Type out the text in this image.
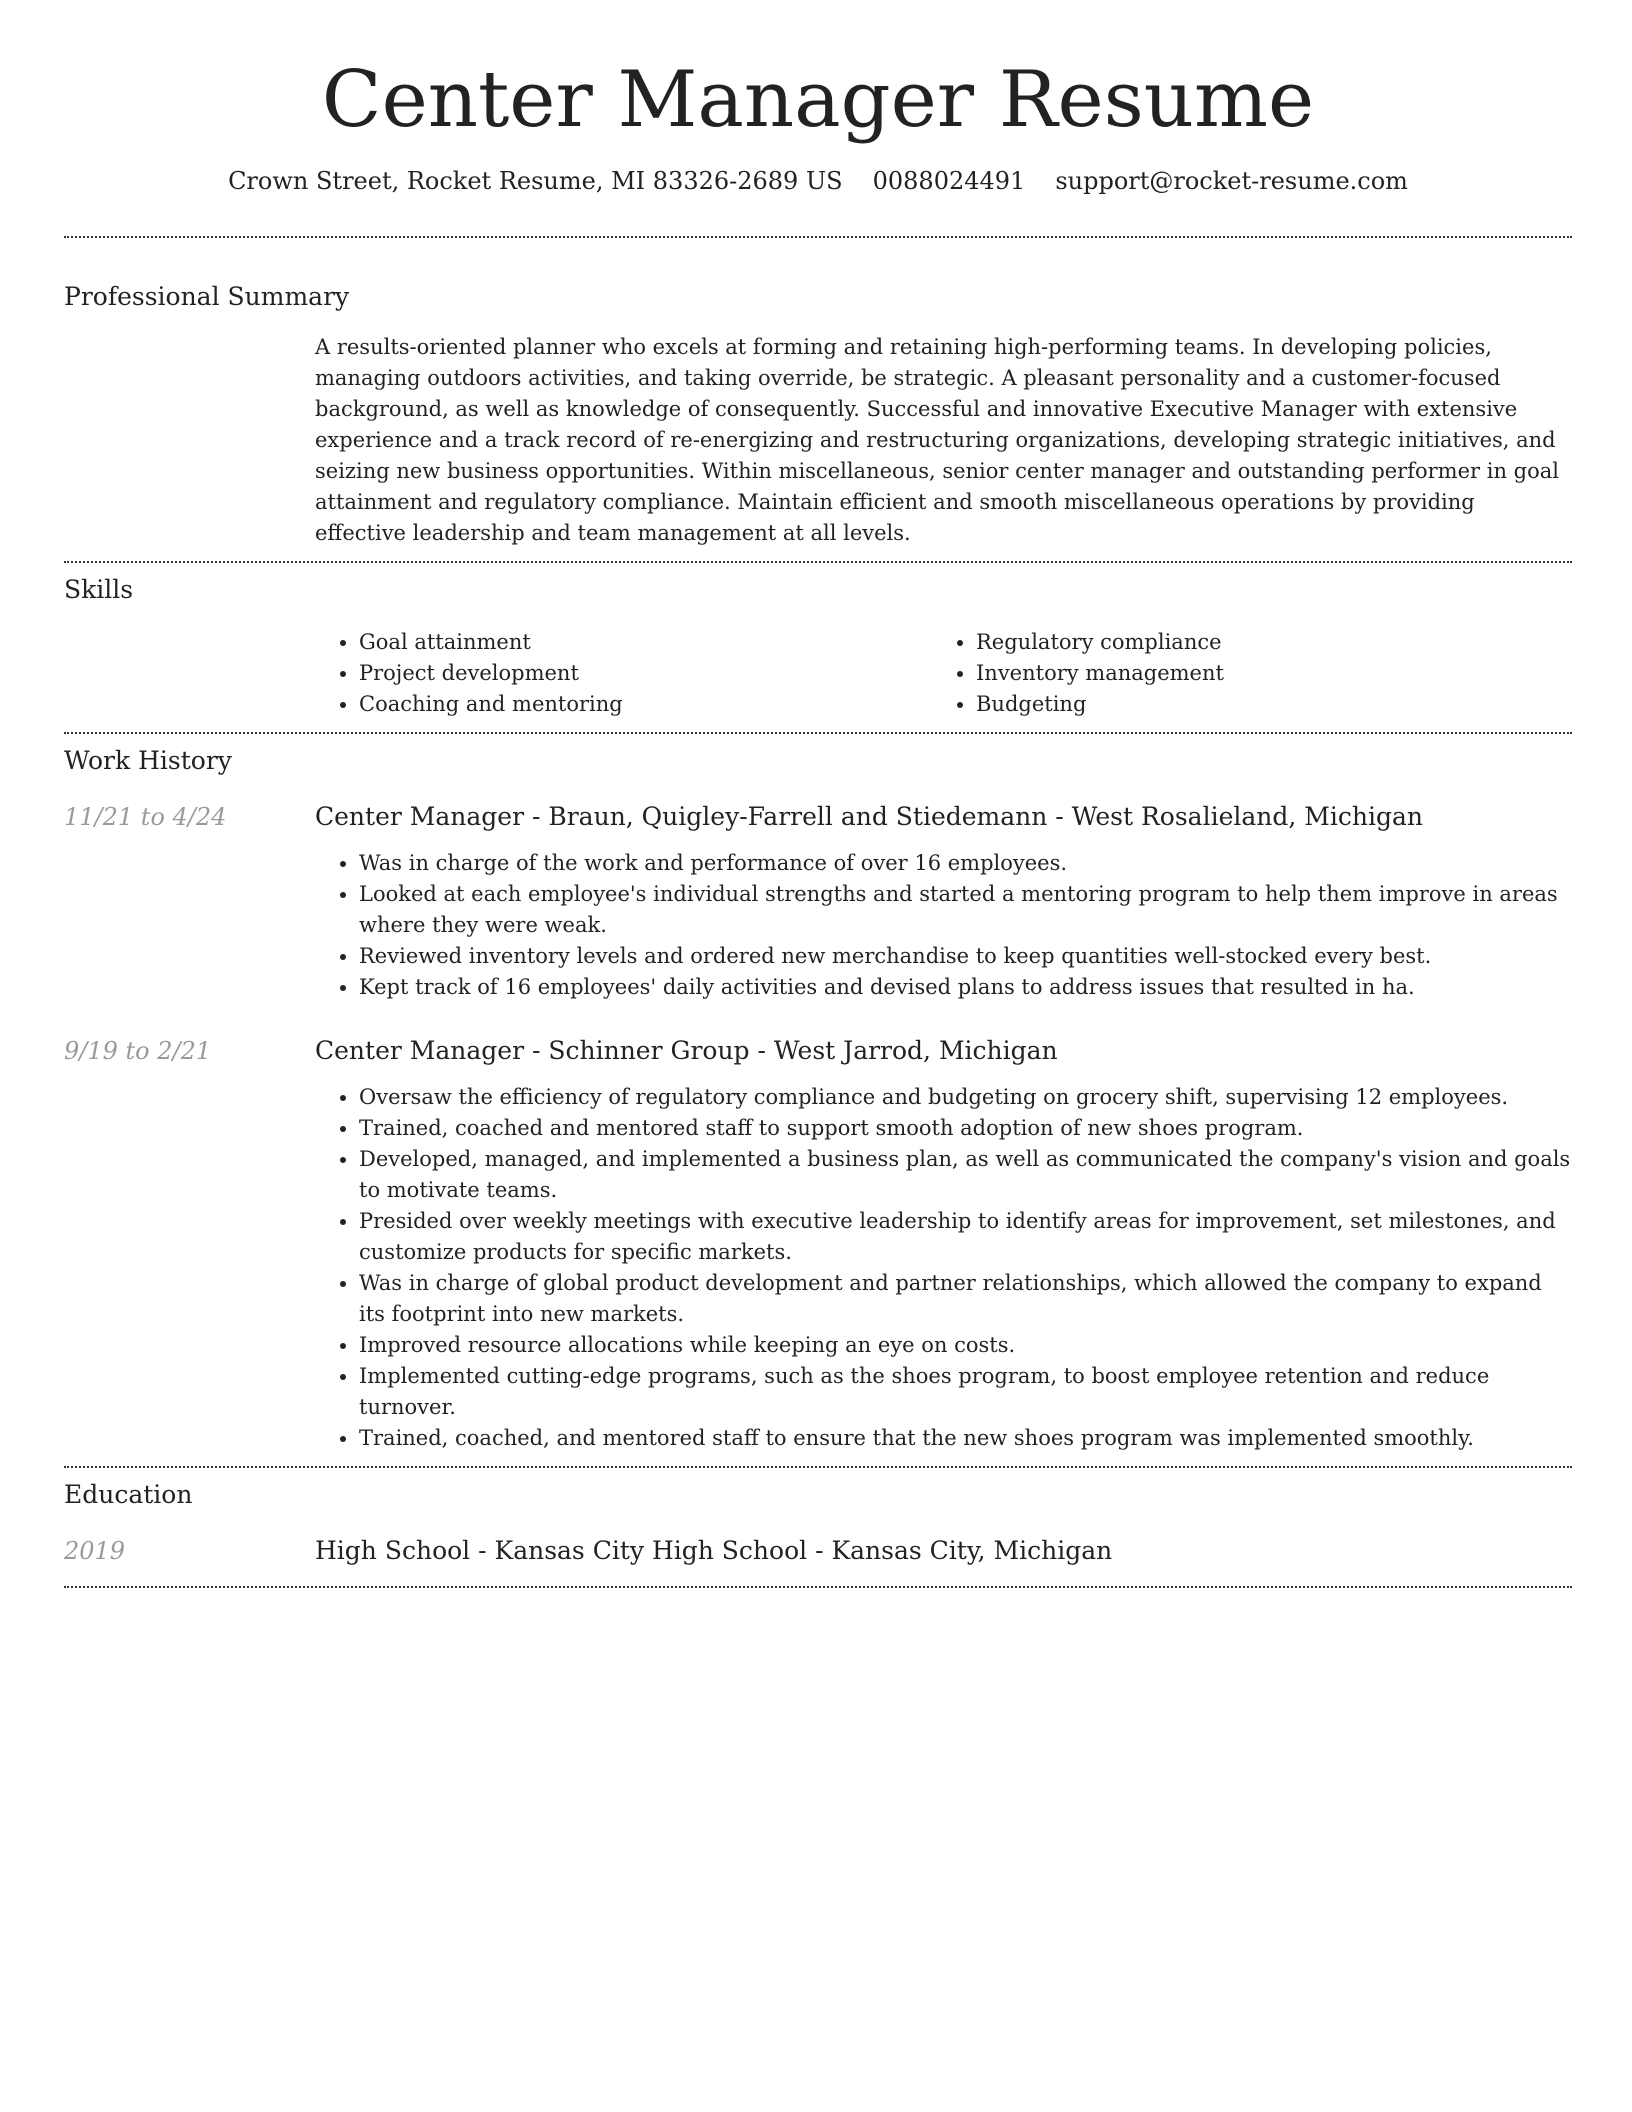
Center Manager Resume
Crown Street, Rocket Resume, MI 83326-2689 US 0088024491 support@rocket-resume.com
Professional Summary

A results-oriented planner who excels at forming and retaining high-performing teams. In developing policies, managing outdoors activities, and taking override, be strategic. A pleasant personality and a customer-focused background, as well as knowledge of consequently. Successful and innovative Executive Manager with extensive experience and a track record of re-energizing and restructuring organizations, developing strategic initiatives, and seizing new business opportunities. Within miscellaneous, senior center manager and outstanding performer in goal attainment and regulatory compliance. Maintain efficient and smooth miscellaneous operations by providing effective leadership and team management at all levels.

Skills
• Goal attainment
• Project development
• Coaching and mentoring
• Regulatory compliance
• Inventory management
• Budgeting
Work History
11/21 to 4/24	Center Manager - Braun, Quigley-Farrell and Stiedemann - West Rosalieland, Michigan
• Was in charge of the work and performance of over 16 employees.
• Looked at each employee's individual strengths and started a mentoring program to help them improve in areas where they were weak.
• Reviewed inventory levels and ordered new merchandise to keep quantities well-stocked every best.
• Kept track of 16 employees' daily activities and devised plans to address issues that resulted in ha.
9/19 to 2/21	Center Manager - Schinner Group - West Jarrod, Michigan
• Oversaw the efficiency of regulatory compliance and budgeting on grocery shift, supervising 12 employees.
• Trained, coached and mentored staff to support smooth adoption of new shoes program.
• Developed, managed, and implemented a business plan, as well as communicated the company's vision and goals to motivate teams.
• Presided over weekly meetings with executive leadership to identify areas for improvement, set milestones, and customize products for specific markets.
• Was in charge of global product development and partner relationships, which allowed the company to expand its footprint into new markets.
• Improved resource allocations while keeping an eye on costs.
• Implemented cutting-edge programs, such as the shoes program, to boost employee retention and reduce turnover.
• Trained, coached, and mentored staff to ensure that the new shoes program was implemented smoothly.
Education
2019	High School - Kansas City High School - Kansas City, Michigan
